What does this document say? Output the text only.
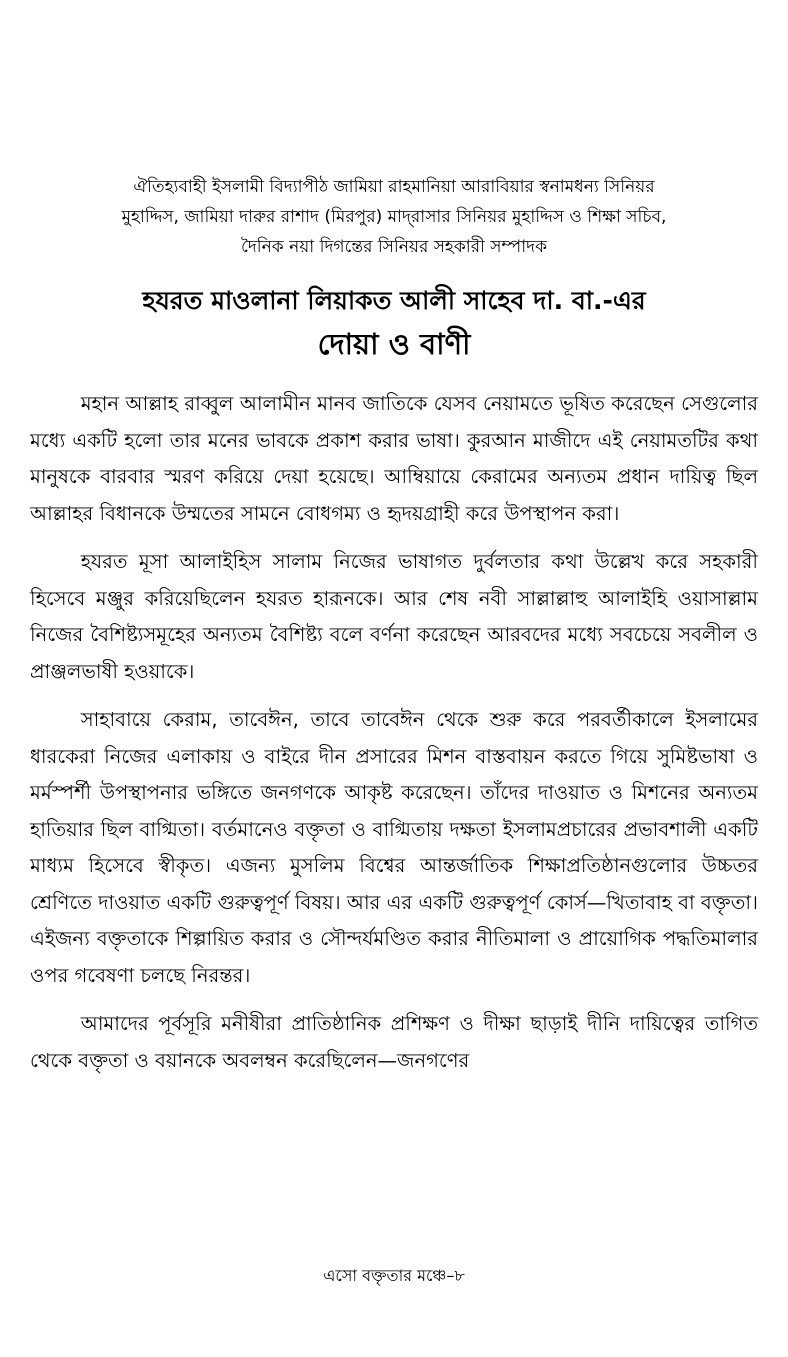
ঐতিহ্যবাহী ইসলামী বিদ্যাপীঠ জামিয়া রাহমানিয়া আরাবিয়ার স্বনামধন্য সিনিয়র
মুহাদ্দিস, জামিয়া দারুর রাশাদ (মিরপুর) মাদ্‌রাসার সিনিয়র মুহাদ্দিস ও শিক্ষা সচিব,
দৈনিক নয়া দিগন্তের সিনিয়র সহকারী সম্পাদক
হযরত মাওলানা লিয়াকত আলী সাহেব দা. বা.-এর
দোয়া ও বাণী

মহান আল্লাহ রাব্বুল আলামীন মানব জাতিকে যেসব নেয়ামতে ভূষিত করেছেন সেগুলোর মধ্যে একটি হলো তার মনের ভাবকে প্রকাশ করার ভাষা। কুরআন মাজীদে এই নেয়ামতটির কথা মানুষকে বারবার স্মরণ করিয়ে দেয়া হয়েছে। আম্বিয়ায়ে কেরামের অন্যতম প্রধান দায়িত্ব ছিল আল্লাহর বিধানকে উম্মতের সামনে বোধগম্য ও হৃদয়গ্রাহী করে উপস্থাপন করা।

হযরত মূসা আলাইহিস সালাম নিজের ভাষাগত দুর্বলতার কথা উল্লেখ করে সহকারী হিসেবে মঞ্জুর করিয়েছিলেন হযরত হারূনকে। আর শেষ নবী সাল্লাল্লাহু আলাইহি ওয়াসাল্লাম নিজের বৈশিষ্ট্যসমূহের অন্যতম বৈশিষ্ট্য বলে বর্ণনা করেছেন আরবদের মধ্যে সবচেয়ে সবলীল ও প্রাঞ্জলভাষী হওয়াকে।

সাহাবায়ে কেরাম, তাবেঈন, তাবে তাবেঈন থেকে শুরু করে পরবর্তীকালে ইসলামের ধারকেরা নিজের এলাকায় ও বাইরে দীন প্রসারের মিশন বাস্তবায়ন করতে গিয়ে সুমিষ্টভাষা ও মর্মস্পর্শী উপস্থাপনার ভঙ্গিতে জনগণকে আকৃষ্ট করেছেন। তাঁদের দাওয়াত ও মিশনের অন্যতম হাতিয়ার ছিল বাগ্মিতা। বর্তমানেও বক্তৃতা ও বাগ্মিতায় দক্ষতা ইসলামপ্রচারের প্রভাবশালী একটি মাধ্যম হিসেবে স্বীকৃত। এজন্য মুসলিম বিশ্বের আন্তর্জাতিক শিক্ষাপ্রতিষ্ঠানগুলোর উচ্চতর শ্রেণিতে দাওয়াত একটি গুরুত্বপূর্ণ বিষয়। আর এর একটি গুরুত্বপূর্ণ কোর্স—খিতাবাহ বা বক্তৃতা। এইজন্য বক্তৃতাকে শিল্পায়িত করার ও সৌন্দর্যমণ্ডিত করার নীতিমালা ও প্রায়োগিক পদ্ধতিমালার ওপর গবেষণা চলছে নিরন্তর।

আমাদের পূর্বসূরি মনীষীরা প্রাতিষ্ঠানিক প্রশিক্ষণ ও দীক্ষা ছাড়াই দীনি দায়িত্বের তাগিত থেকে বক্তৃতা ও বয়ানকে অবলম্বন করেছিলেন—জনগণের

এসো বক্তৃতার মঞ্চে–৮
